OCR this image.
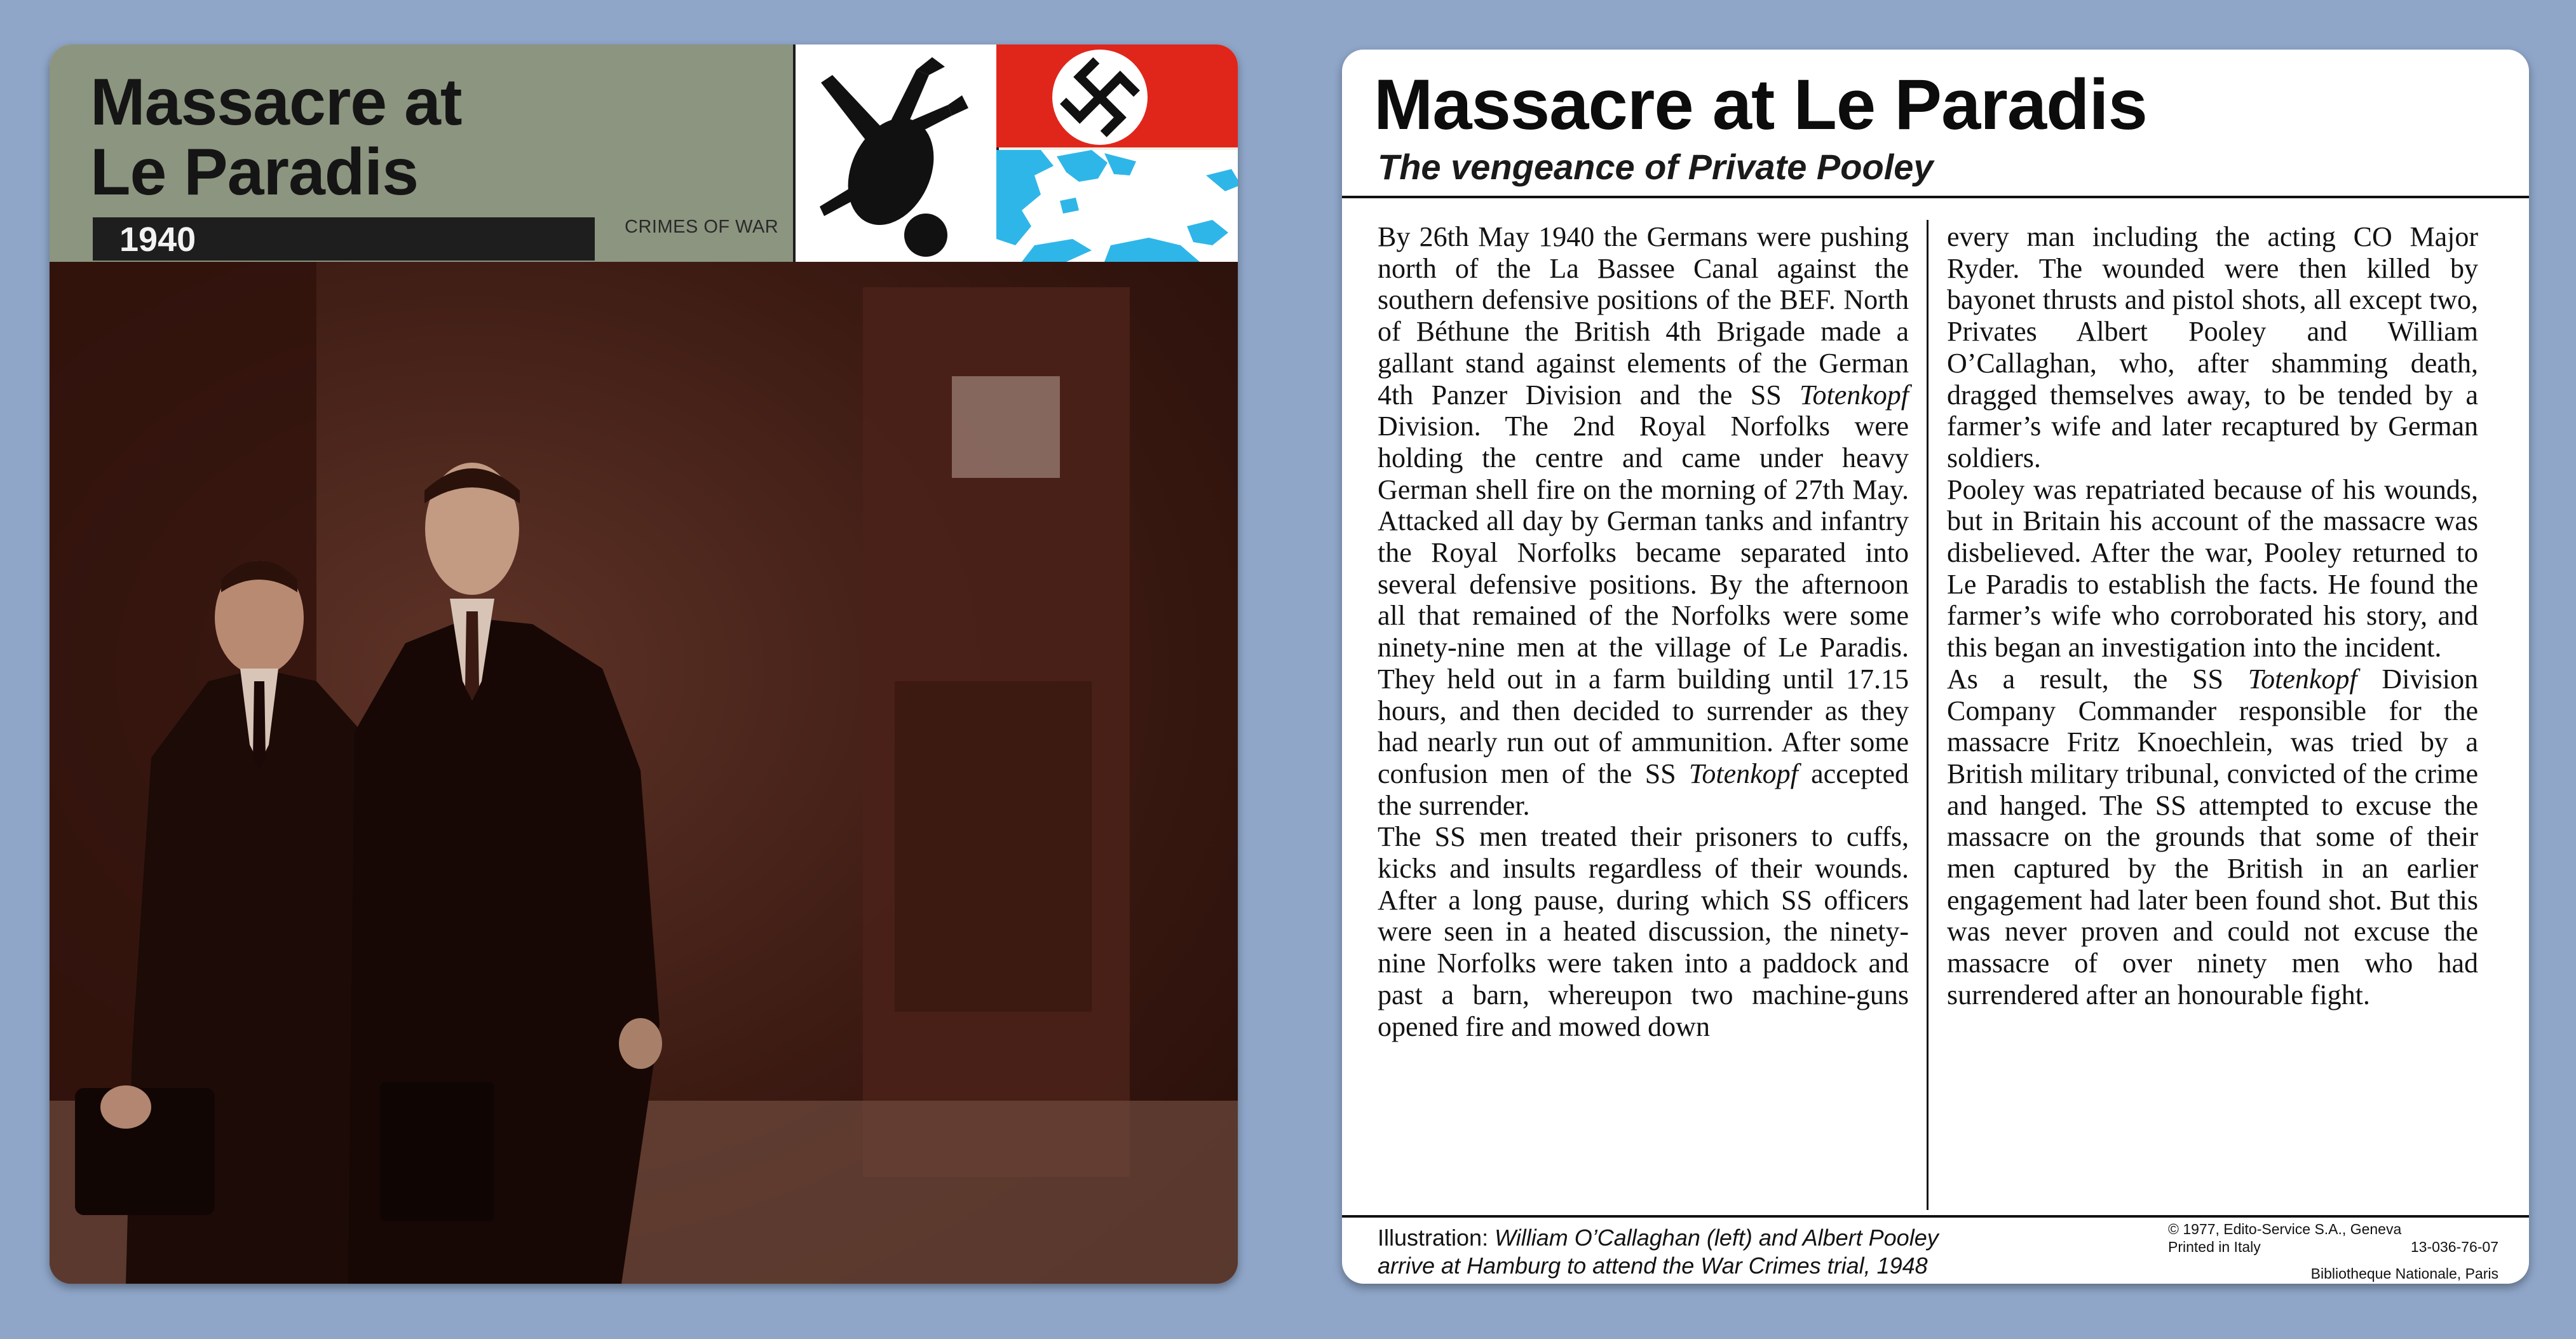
Massacre at
Le Paradis
1940	CRIMES OF WAR
Massacre at Le Paradis
The vengeance of Private Pooley

By 26th May 1940 the Germans were pushing north of the La Bassee Canal against the southern defensive positions of the BEF. North of Béthune the British 4th Brigade made a gallant stand against elements of the German 4th Panzer Division and the SS Totenkopf Division. The 2nd Royal Norfolks were holding the centre and came under heavy German shell fire on the morning of 27th May. Attacked all day by German tanks and infantry the Royal Norfolks became separated into several defensive positions. By the afternoon all that remained of the Norfolks were some ninety-nine men at the village of Le Paradis. They held out in a farm building until 17.15 hours, and then decided to surrender as they had nearly run out of ammunition. After some confusion men of the SS Totenkopf accepted the surrender.

The SS men treated their prisoners to cuffs, kicks and insults regardless of their wounds. After a long pause, during which SS officers were seen in a heated discussion, the ninety-nine Norfolks were taken into a paddock and past a barn, whereupon two machine-guns opened fire and mowed down

every man including the acting CO Major Ryder. The wounded were then killed by bayonet thrusts and pistol shots, all except two, Privates Albert Pooley and William O’Callaghan, who, after shamming death, dragged themselves away, to be tended by a farmer’s wife and later recaptured by German soldiers.

Pooley was repatriated because of his wounds, but in Britain his account of the massacre was disbelieved. After the war, Pooley returned to Le Paradis to establish the facts. He found the farmer’s wife who corroborated his story, and this began an investigation into the incident.

As a result, the SS Totenkopf Division Company Commander responsible for the massacre Fritz Knoechlein, was tried by a British military tribunal, convicted of the crime and hanged. The SS attempted to excuse the massacre on the grounds that some of their men captured by the British in an earlier engagement had later been found shot. But this was never proven and could not excuse the massacre of over ninety men who had surrendered after an honourable fight.

Illustration: William O’Callaghan (left) and Albert Pooley
arrive at Hamburg to attend the War Crimes trial, 1948
© 1977, Edito-Service S.A., Geneva
Printed in Italy	13-036-76-07
Bibliotheque Nationale, Paris
